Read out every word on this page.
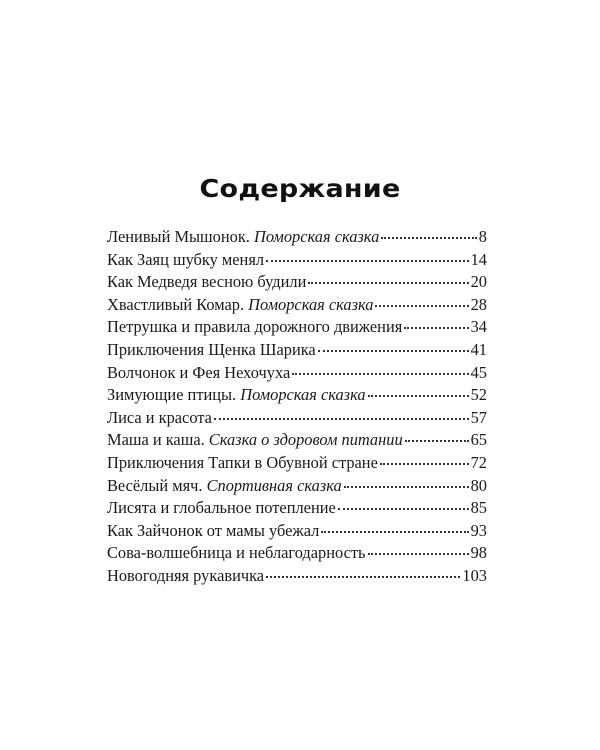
Содержание
Ленивый Мышонок. Поморская сказка	8
Как Заяц шубку менял	14
Как Медведя весною будили	20
Хвастливый Комар. Поморская сказка	28
Петрушка и правила дорожного движения	34
Приключения Щенка Шарика	41
Волчонок и Фея Нехочуха	45
Зимующие птицы. Поморская сказка	52
Лиса и красота	57
Маша и каша. Сказка о здоровом питании	65
Приключения Тапки в Обувной стране	72
Весёлый мяч. Спортивная сказка	80
Лисята и глобальное потепление	85
Как Зайчонок от мамы убежал	93
Сова-волшебница и неблагодарность	98
Новогодняя рукавичка	103
